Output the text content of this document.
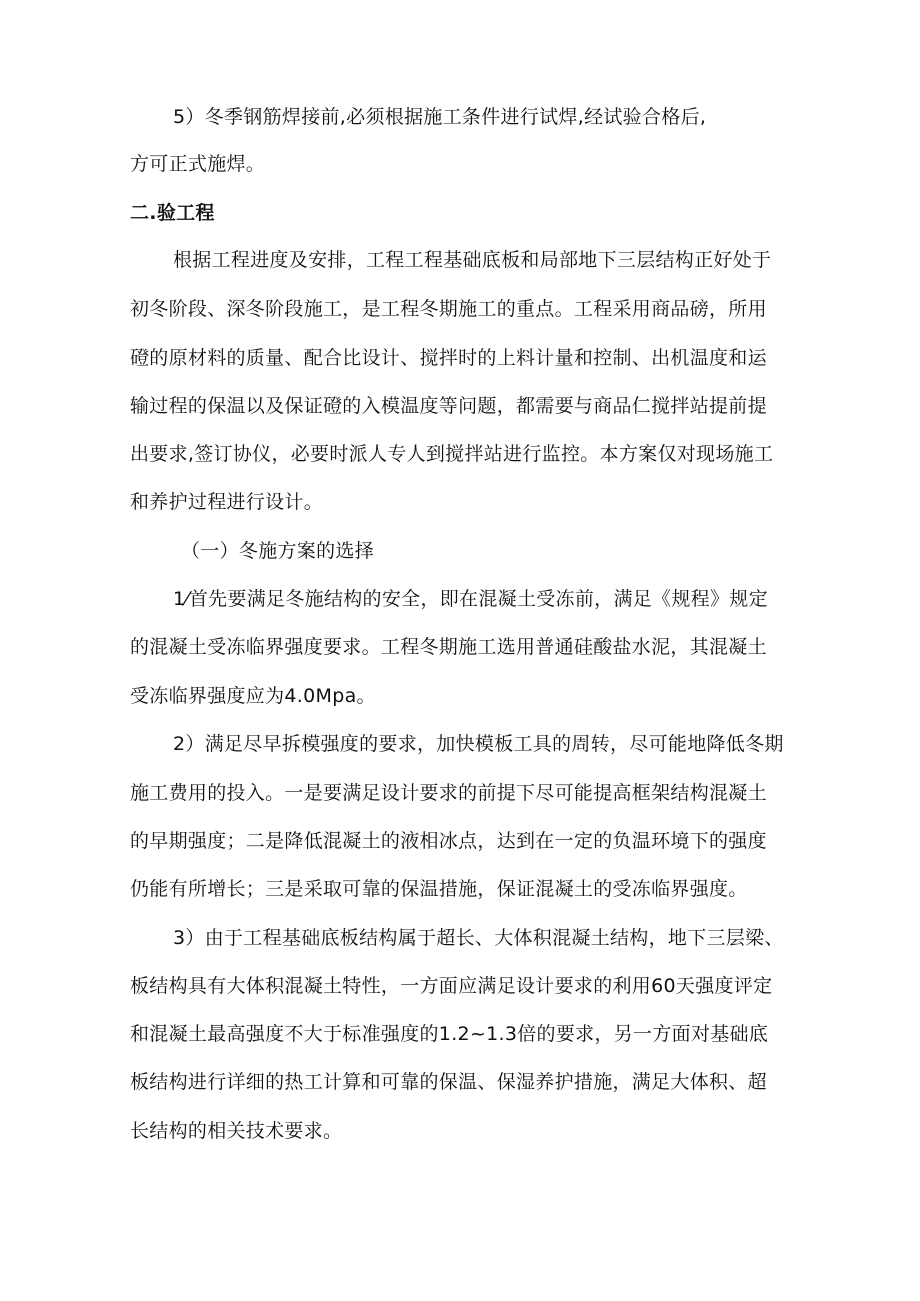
5）冬季钢筋焊接前,必须根据施工条件进行试焊,经试验合格后,
方可正式施焊。
二.验工程
根据工程进度及安排，工程工程基础底板和局部地下三层结构正好处于
初冬阶段、深冬阶段施工，是工程冬期施工的重点。工程采用商品磅，所用
磴的原材料的质量、配合比设计、搅拌时的上料计量和控制、出机温度和运
输过程的保温以及保证磴的入模温度等问题，都需要与商品仁搅拌站提前提
出要求,签订协仪，必要时派人专人到搅拌站进行监控。本方案仅对现场施工
和养护过程进行设计。
（一）冬施方案的选择
1⁄首先要满足冬施结构的安全，即在混凝土受冻前，满足《规程》规定
的混凝土受冻临界强度要求。工程冬期施工选用普通硅酸盐水泥，其混凝土
受冻临界强度应为4.0Mpa。
2）满足尽早拆模强度的要求，加快模板工具的周转，尽可能地降低冬期
施工费用的投入。一是要满足设计要求的前提下尽可能提高框架结构混凝土
的早期强度；二是降低混凝土的液相冰点，达到在一定的负温环境下的强度
仍能有所增长；三是采取可靠的保温措施，保证混凝土的受冻临界强度。
3）由于工程基础底板结构属于超长、大体积混凝土结构，地下三层梁、
板结构具有大体积混凝土特性，一方面应满足设计要求的利用60天强度评定
和混凝土最高强度不大于标准强度的1.2~1.3倍的要求，另一方面对基础底
板结构进行详细的热工计算和可靠的保温、保湿养护措施，满足大体积、超
长结构的相关技术要求。
